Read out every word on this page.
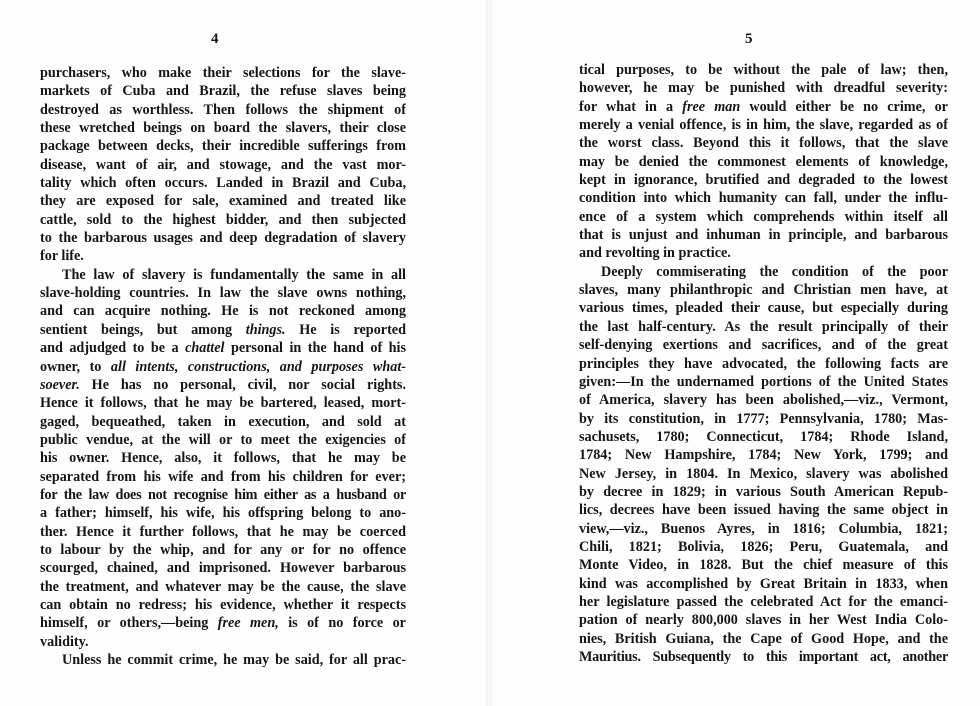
4
purchasers, who make their selections for the slave-
markets of Cuba and Brazil, the refuse slaves being
destroyed as worthless. Then follows the shipment of
these wretched beings on board the slavers, their close
package between decks, their incredible sufferings from
disease, want of air, and stowage, and the vast mor-
tality which often occurs. Landed in Brazil and Cuba,
they are exposed for sale, examined and treated like
cattle, sold to the highest bidder, and then subjected
to the barbarous usages and deep degradation of slavery
for life.
The law of slavery is fundamentally the same in all
slave-holding countries. In law the slave owns nothing,
and can acquire nothing. He is not reckoned among
sentient beings, but among things. He is reported
and adjudged to be a chattel personal in the hand of his
owner, to all intents, constructions, and purposes what-
soever. He has no personal, civil, nor social rights.
Hence it follows, that he may be bartered, leased, mort-
gaged, bequeathed, taken in execution, and sold at
public vendue, at the will or to meet the exigencies of
his owner. Hence, also, it follows, that he may be
separated from his wife and from his children for ever;
for the law does not recognise him either as a husband or
a father; himself, his wife, his offspring belong to ano-
ther. Hence it further follows, that he may be coerced
to labour by the whip, and for any or for no offence
scourged, chained, and imprisoned. However barbarous
the treatment, and whatever may be the cause, the slave
can obtain no redress; his evidence, whether it respects
himself, or others,—being free men, is of no force or
validity.
Unless he commit crime, he may be said, for all prac-
5
tical purposes, to be without the pale of law; then,
however, he may be punished with dreadful severity:
for what in a free man would either be no crime, or
merely a venial offence, is in him, the slave, regarded as of
the worst class. Beyond this it follows, that the slave
may be denied the commonest elements of knowledge,
kept in ignorance, brutified and degraded to the lowest
condition into which humanity can fall, under the influ-
ence of a system which comprehends within itself all
that is unjust and inhuman in principle, and barbarous
and revolting in practice.
Deeply commiserating the condition of the poor
slaves, many philanthropic and Christian men have, at
various times, pleaded their cause, but especially during
the last half-century. As the result principally of their
self-denying exertions and sacrifices, and of the great
principles they have advocated, the following facts are
given:—In the undernamed portions of the United States
of America, slavery has been abolished,—viz., Vermont,
by its constitution, in 1777; Pennsylvania, 1780; Mas-
sachusets, 1780; Connecticut, 1784; Rhode Island,
1784; New Hampshire, 1784; New York, 1799; and
New Jersey, in 1804. In Mexico, slavery was abolished
by decree in 1829; in various South American Repub-
lics, decrees have been issued having the same object in
view,—viz., Buenos Ayres, in 1816; Columbia, 1821;
Chili, 1821; Bolivia, 1826; Peru, Guatemala, and
Monte Video, in 1828. But the chief measure of this
kind was accomplished by Great Britain in 1833, when
her legislature passed the celebrated Act for the emanci-
pation of nearly 800,000 slaves in her West India Colo-
nies, British Guiana, the Cape of Good Hope, and the
Mauritius. Subsequently to this important act, another
